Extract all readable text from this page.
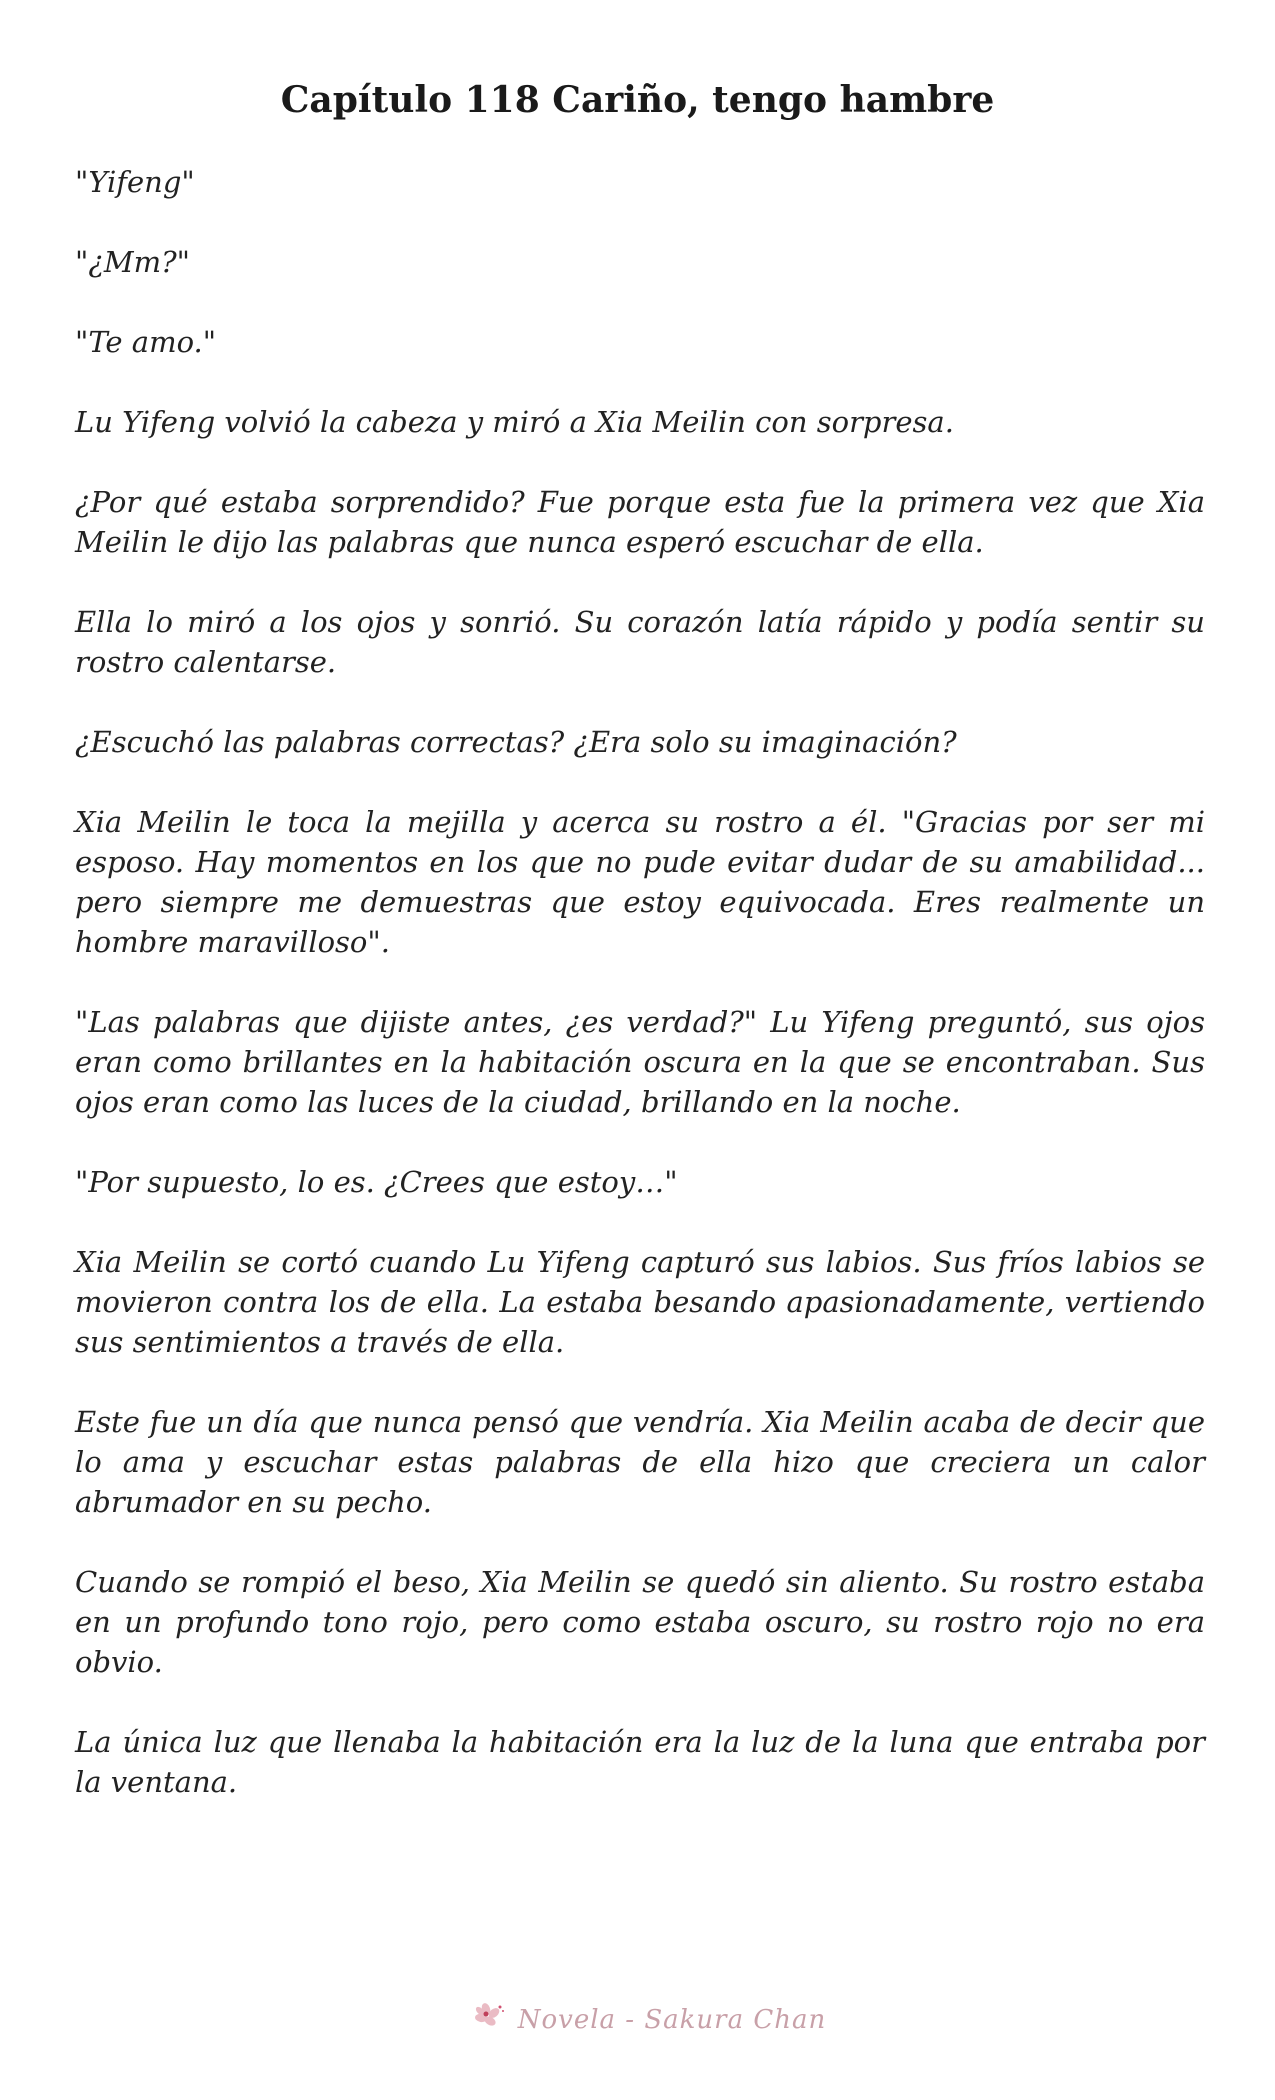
Capítulo 118 Cariño, tengo hambre

"Yifeng"

"¿Mm?"

"Te amo."

Lu Yifeng volvió la cabeza y miró a Xia Meilin con sorpresa.

¿Por qué estaba sorprendido? Fue porque esta fue la primera vez que Xia Meilin le dijo las palabras que nunca esperó escuchar de ella.

Ella lo miró a los ojos y sonrió. Su corazón latía rápido y podía sentir su rostro calentarse.

¿Escuchó las palabras correctas? ¿Era solo su imaginación?

Xia Meilin le toca la mejilla y acerca su rostro a él. "Gracias por ser mi esposo. Hay momentos en los que no pude evitar dudar de su amabilidad... pero siempre me demuestras que estoy equivocada. Eres realmente un hombre maravilloso".

"Las palabras que dijiste antes, ¿es verdad?" Lu Yifeng preguntó, sus ojos eran como brillantes en la habitación oscura en la que se encontraban. Sus ojos eran como las luces de la ciudad, brillando en la noche.

"Por supuesto, lo es. ¿Crees que estoy…"

Xia Meilin se cortó cuando Lu Yifeng capturó sus labios. Sus fríos labios se movieron contra los de ella. La estaba besando apasionadamente, vertiendo sus sentimientos a través de ella.

Este fue un día que nunca pensó que vendría. Xia Meilin acaba de decir que lo ama y escuchar estas palabras de ella hizo que creciera un calor abrumador en su pecho.

Cuando se rompió el beso, Xia Meilin se quedó sin aliento. Su rostro estaba en un profundo tono rojo, pero como estaba oscuro, su rostro rojo no era obvio.

La única luz que llenaba la habitación era la luz de la luna que entraba por la ventana.

Novela - Sakura Chan
